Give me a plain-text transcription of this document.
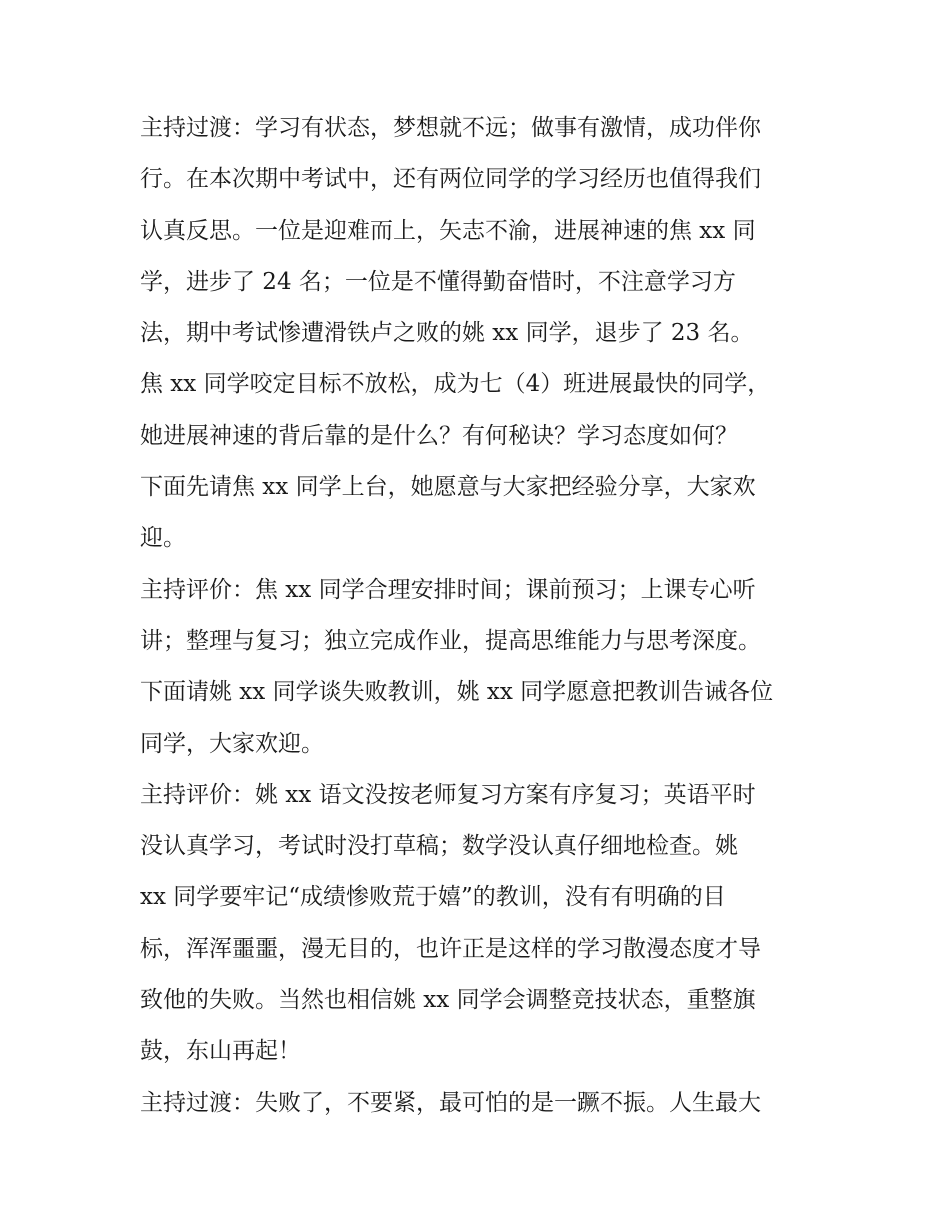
主持过渡：学习有状态，梦想就不远；做事有激情，成功伴你
行。在本次期中考试中，还有两位同学的学习经历也值得我们
认真反思。一位是迎难而上，矢志不渝，进展神速的焦 xx 同
学，进步了 24 名；一位是不懂得勤奋惜时，不注意学习方
法，期中考试惨遭滑铁卢之败的姚 xx 同学，退步了 23 名。
焦 xx 同学咬定目标不放松，成为七（4）班进展最快的同学，
她进展神速的背后靠的是什么？有何秘诀？学习态度如何？
下面先请焦 xx 同学上台，她愿意与大家把经验分享，大家欢
迎。
主持评价：焦 xx 同学合理安排时间；课前预习；上课专心听
讲；整理与复习；独立完成作业，提高思维能力与思考深度。
下面请姚 xx 同学谈失败教训，姚 xx 同学愿意把教训告诫各位
同学，大家欢迎。
主持评价：姚 xx 语文没按老师复习方案有序复习；英语平时
没认真学习，考试时没打草稿；数学没认真仔细地检查。姚
xx 同学要牢记“成绩惨败荒于嬉”的教训，没有有明确的目
标，浑浑噩噩，漫无目的，也许正是这样的学习散漫态度才导
致他的失败。当然也相信姚 xx 同学会调整竞技状态，重整旗
鼓，东山再起！
主持过渡：失败了，不要紧，最可怕的是一蹶不振。人生最大
